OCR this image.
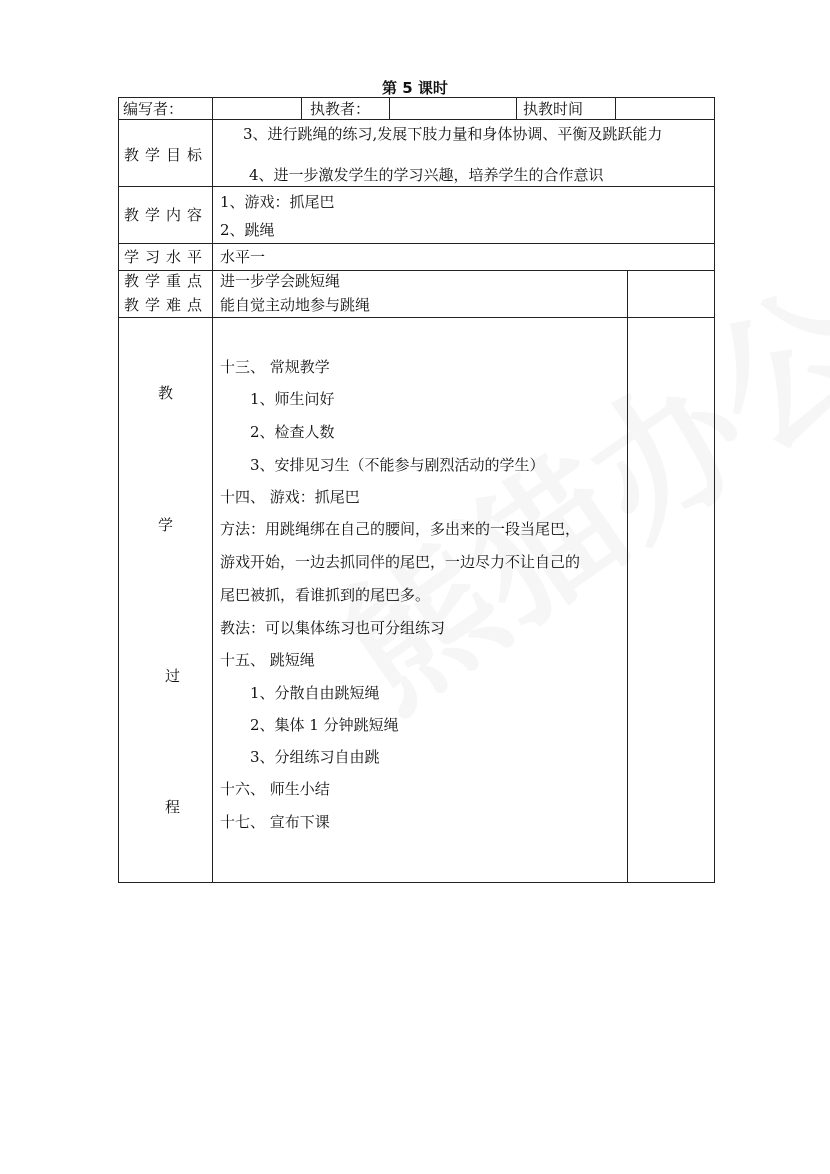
第 5 课时
编写者：	执教者：	执教时间
教学目标
3、进行跳绳的练习,发展下肢力量和身体协调、平衡及跳跃能力
4、进一步激发学生的学习兴趣，培养学生的合作意识
教学内容
1、游戏：抓尾巴
2、跳绳
学习水平 水平一
教学重点 进一步学会跳短绳
教学难点 能自觉主动地参与跳绳
教
学
过
程
十三、 常规教学
1、师生问好
2、检查人数
3、安排见习生（不能参与剧烈活动的学生）
十四、 游戏：抓尾巴
方法：用跳绳绑在自己的腰间，多出来的一段当尾巴，
游戏开始，一边去抓同伴的尾巴，一边尽力不让自己的
尾巴被抓，看谁抓到的尾巴多。
教法：可以集体练习也可分组练习
十五、 跳短绳
1、分散自由跳短绳
2、集体 1 分钟跳短绳
3、分组练习自由跳
十六、 师生小结
十七、 宣布下课
